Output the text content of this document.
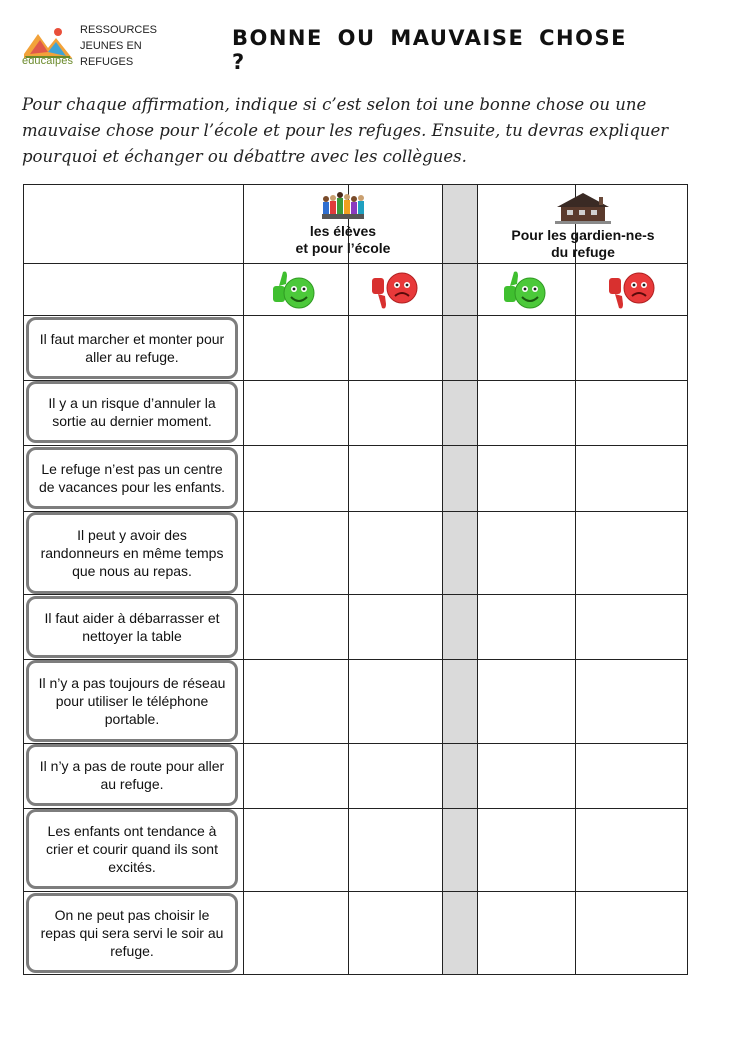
éducalpes
RESSOURCES
JEUNES EN
REFUGES
BONNE OU MAUVAISE CHOSE ?
Pour chaque affirmation, indique si c’est selon toi une bonne chose ou une mauvaise chose pour l’école et pour les refuges. Ensuite, tu devras expliquer pourquoi et échanger ou débattre avec les collègues.
les élèves
et pour l’école
Pour les gardien-ne-s
du refuge
Il faut marcher et monter pour aller au refuge.
Il y a un risque d’annuler la sortie au dernier moment.
Le refuge n’est pas un centre de vacances pour les enfants.
Il peut y avoir des randonneurs en même temps que nous au repas.
Il faut aider à débarrasser et nettoyer la table
Il n’y a pas toujours de réseau pour utiliser le téléphone portable.
Il n’y a pas de route pour aller au refuge.
Les enfants ont tendance à crier et courir quand ils sont excités.
On ne peut pas choisir le repas qui sera servi le soir au refuge.
